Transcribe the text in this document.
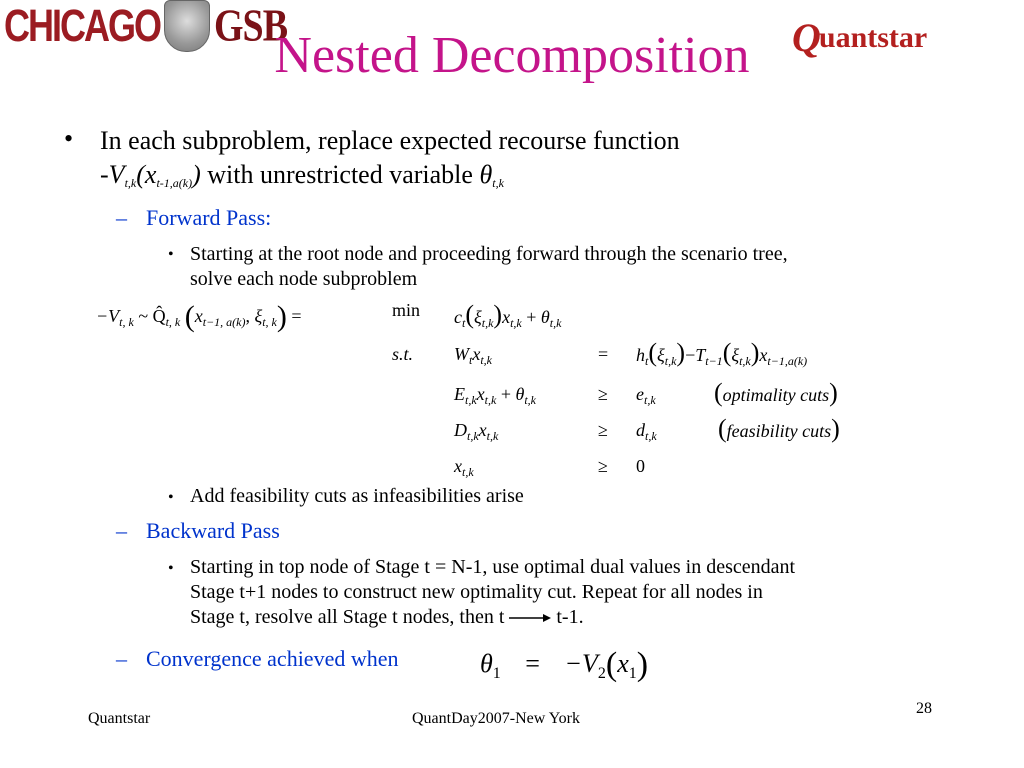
CHICAGO GSB	Q
uantstar
Nested Decomposition
• In each subproblem, replace expected recourse function
$-V_{t,k}(x_{t-1,a(k)})$ with unrestricted variable $\theta_{t,k}$
– Forward Pass:
• Starting at the root node and proceeding forward through the scenario tree,
solve each node subproblem
$-V_{t, k}$ ~ $Q̂_{t, k}$ ($x_{t-1, a(k)}$, $\xi_{t, k}$) =	$\min c_t(\xi_{t,k})x_{t,k} + \theta_{t,k}$
s.t. $W_tx_{t,k}$	= $h_t(\xi_{t,k})-T_{t-1}(\xi_{t,k})x_{t-1,a(k)}$
$E_{t,k}x_{t,k} + \theta_{t,k}$	≥ $e_{t,k}$ (optimality cuts)
$D_{t,k}x_{t,k}$	≥ $d_{t,k}$ (feasibility cuts)
$x_{t,k}$	≥ 0
• Add feasibility cuts as infeasibilities arise
– Backward Pass
• Starting in top node of Stage t = N-1, use optimal dual values in descendant
Stage t+1 nodes to construct new optimality cut. Repeat for all nodes in
Stage t, resolve all Stage t nodes, then t	t-1.
– Convergence achieved when	$\theta_1 = -V_2(x_1)$
Quantstar	QuantDay2007-New York
28
